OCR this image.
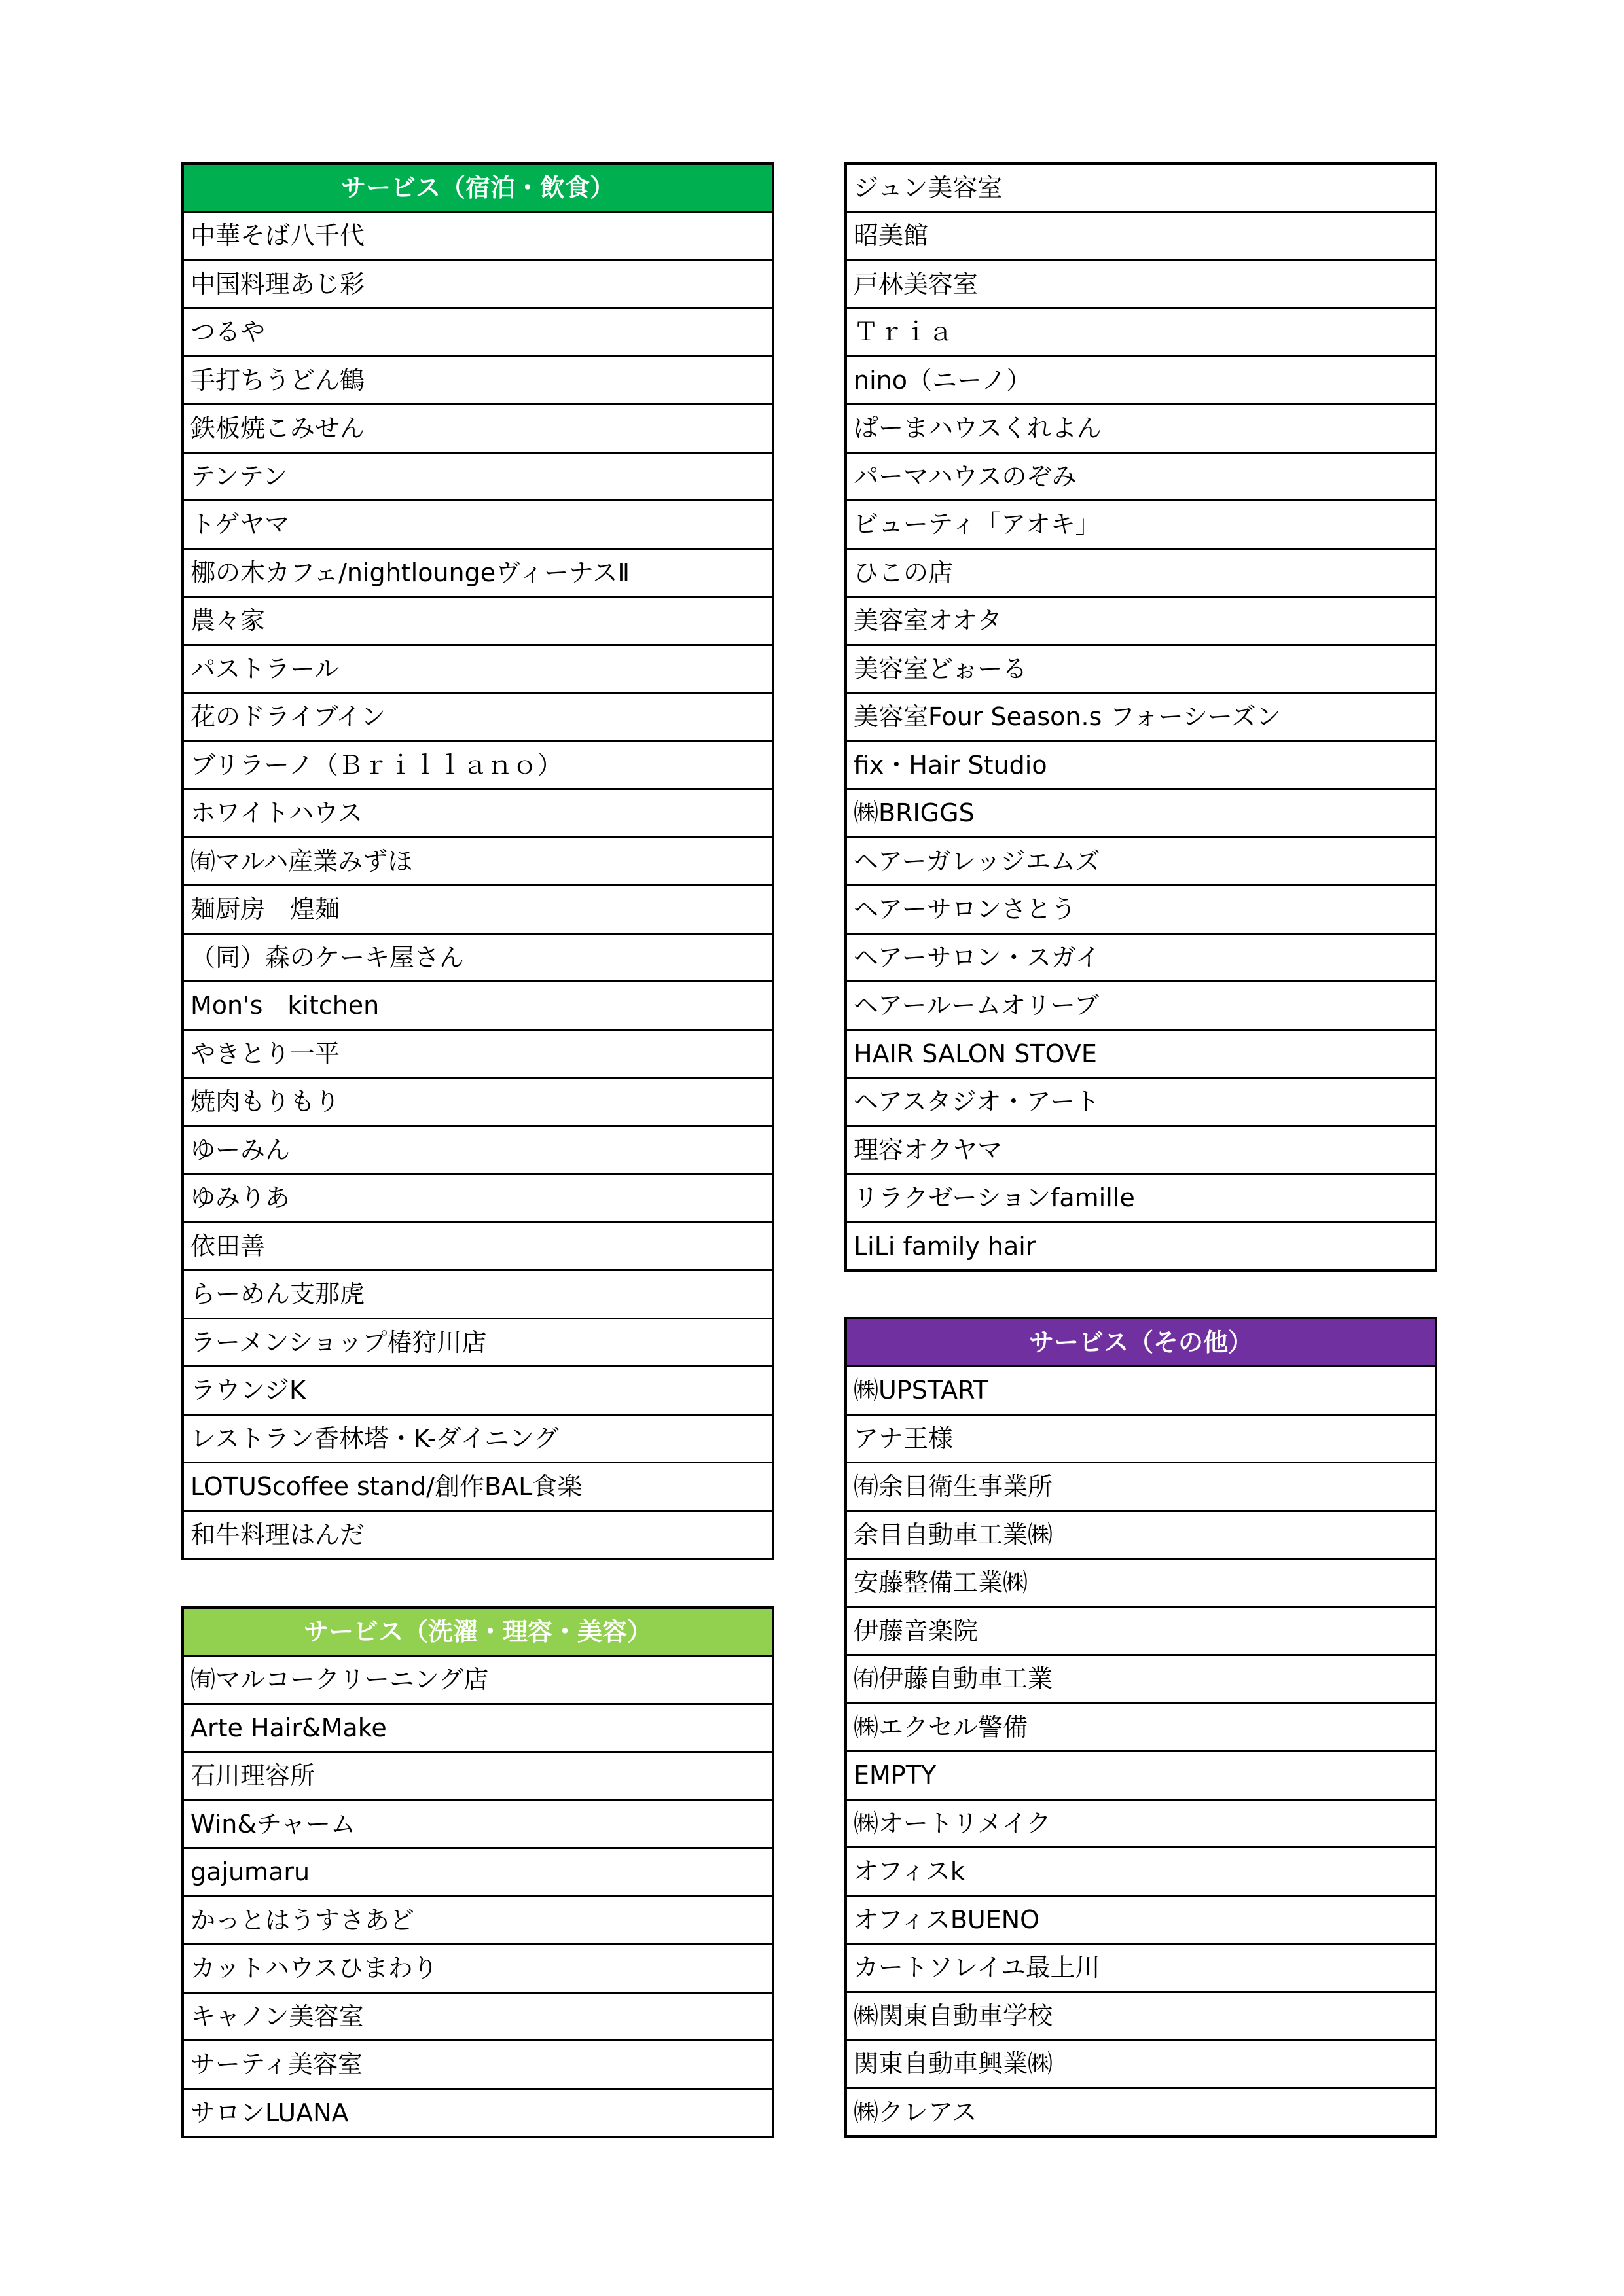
サービス（宿泊・飲食）
中華そば八千代
中国料理あじ彩
つるや
手打ちうどん鶴
鉄板焼こみせん
テンテン
トゲヤマ
梛の木カフェ/nightloungeヴィーナスⅡ
農々家
パストラール
花のドライブイン
ブリラーノ（Ｂｒｉｌｌａｎｏ）
ホワイトハウス
㈲マルハ産業みずほ
麺厨房　煌麺
（同）森のケーキ屋さん
Mon's　kitchen
やきとり一平
焼肉もりもり
ゆーみん
ゆみりあ
依田善
らーめん支那虎
ラーメンショップ椿狩川店
ラウンジK
レストラン香林塔・K-ダイニング
LOTUScoffee stand/創作BAL食楽
和牛料理はんだ
サービス（洗濯・理容・美容）
㈲マルコークリーニング店
Arte Hair&Make
石川理容所
Win&チャーム
gajumaru
かっとはうすさあど
カットハウスひまわり
キャノン美容室
サーティ美容室
サロンLUANA
ジュン美容室
昭美館
戸林美容室
Ｔｒｉａ
nino（ニーノ）
ぱーまハウスくれよん
パーマハウスのぞみ
ビューティ「アオキ」
ひこの店
美容室オオタ
美容室どぉーる
美容室Four Season.s フォーシーズン
fix・Hair Studio
㈱BRIGGS
ヘアーガレッジエムズ
ヘアーサロンさとう
ヘアーサロン・スガイ
ヘアールームオリーブ
HAIR SALON STOVE
ヘアスタジオ・アート
理容オクヤマ
リラクゼーションfamille
LiLi family hair
サービス（その他）
㈱UPSTART
アナ王様
㈲余目衛生事業所
余目自動車工業㈱
安藤整備工業㈱
伊藤音楽院
㈲伊藤自動車工業
㈱エクセル警備
EMPTY
㈱オートリメイク
オフィスk
オフィスBUENO
カートソレイユ最上川
㈱関東自動車学校
関東自動車興業㈱
㈱クレアス
